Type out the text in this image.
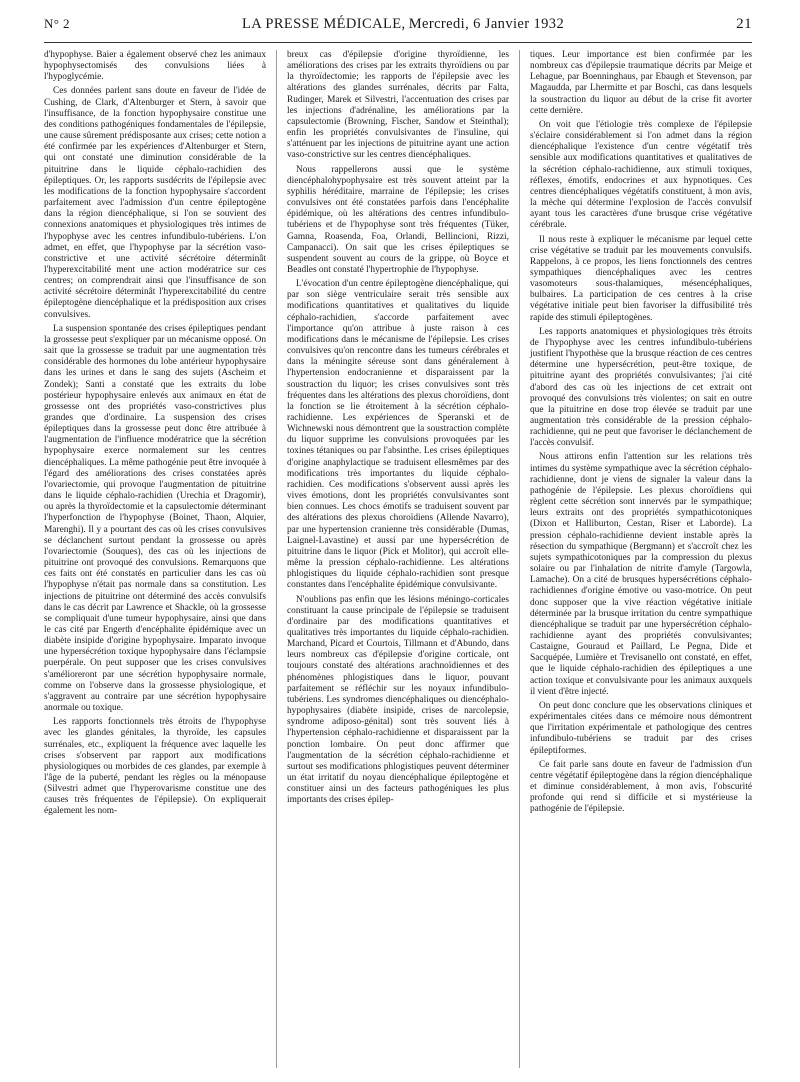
N° 2	LA PRESSE MÉDICALE, Mercredi, 6 Janvier 1932	21

d'hypophyse. Baier a également observé chez les animaux hypophysectomisés des convulsions liées à l'hypoglycémie.

Ces données parlent sans doute en faveur de l'idée de Cushing, de Clark, d'Altenburger et Stern, à savoir que l'insuffisance, de la fonction hypophysaire constitue une des conditions pathogéniques fondamentales de l'épilepsie, une cause sûrement prédisposante aux crises; cette notion a été confirmée par les expériences d'Altenburger et Stern, qui ont constaté une diminution considérable de la pituitrine dans le liquide céphalo-rachidien des épileptiques. Or, les rapports susdécrits de l'épilepsie avec les modifications de la fonction hypophysaire s'accordent parfaitement avec l'admission d'un centre épileptogène dans la région diencéphalique, si l'on se souvient des connexions anatomiques et physiologiques très intimes de l'hypophyse avec les centres infundibulo-tubériens. L'on admet, en effet, que l'hypophyse par la sécrétion vaso-constrictive et une activité sécrétoire déterminât l'hyperexcitabilité ment une action modératrice sur ces centres; on comprendrait ainsi que l'insuffisance de son activité sécrétoire déterminât l'hyperexcitabilité du centre épileptogène diencéphalique et la prédisposition aux crises convulsives.

La suspension spontanée des crises épileptiques pendant la grossesse peut s'expliquer par un mécanisme opposé. On sait que la grossesse se traduit par une augmentation très considérable des hormones du lobe antérieur hypophysaire dans les urines et dans le sang des sujets (Ascheim et Zondek); Santi a constaté que les extraits du lobe postérieur hypophysaire enlevés aux animaux en état de grossesse ont des propriétés vaso-constrictives plus grandes que d'ordinaire. La suspension des crises épileptiques dans la grossesse peut donc être attribuée à l'augmentation de l'influence modératrice que la sécrétion hypophysaire exerce normalement sur les centres diencéphaliques. La même pathogénie peut être invoquée à l'égard des améliorations des crises constatées après l'ovariectomie, qui provoque l'augmentation de pituitrine dans le liquide céphalo-rachidien (Urechia et Dragomir), ou après la thyroïdectomie et la capsulectomie déterminant l'hyperfonction de l'hypophyse (Boinet, Thaon, Alquier, Marenghi). Il y a pourtant des cas où les crises convulsives se déclanchent surtout pendant la grossesse ou après l'ovariectomie (Souques), des cas où les injections de pituitrine ont provoqué des convulsions. Remarquons que ces faits ont été constatés en particulier dans les cas où l'hypophyse n'était pas normale dans sa constitution. Les injections de pituitrine ont déterminé des accès convulsifs dans le cas décrit par Lawrence et Shackle, où la grossesse se compliquait d'une tumeur hypophysaire, ainsi que dans le cas cité par Engerth d'encéphalite épidémique avec un diabète insipide d'origine hypophysaire. Imparato invoque une hypersécrétion toxique hypophysaire dans l'éclampsie puerpérale. On peut supposer que les crises convulsives s'amélioreront par une sécrétion hypophysaire normale, comme on l'observe dans la grossesse physiologique, et s'aggravent au contraire par une sécrétion hypophysaire anormale ou toxique.

Les rapports fonctionnels très étroits de l'hypophyse avec les glandes génitales, la thyroïde, les capsules surrénales, etc., expliquent la fréquence avec laquelle les crises s'observent par rapport aux modifications physiologiques ou morbides de ces glandes, par exemple à l'âge de la puberté, pendant les règles ou la ménopause (Silvestri admet que l'hyperovarisme constitue une des causes très fréquentes de l'épilepsie). On expliquerait également les nom-

breux cas d'épilepsie d'origine thyroïdienne, les améliorations des crises par les extraits thyroïdiens ou par la thyroïdectomie; les rapports de l'épilepsie avec les altérations des glandes surrénales, décrits par Falta, Rudinger, Marek et Silvestri, l'accentuation des crises par les injections d'adrénaline, les améliorations par la capsulectomie (Browning, Fischer, Sandow et Steinthal); enfin les propriétés convulsivantes de l'insuline, qui s'atténuent par les injections de pituitrine ayant une action vaso-constrictive sur les centres diencéphaliques.

Nous rappellerons aussi que le système diencéphalohypophysaire est très souvent atteint par la syphilis héréditaire, marraine de l'épilepsie; les crises convulsives ont été constatées parfois dans l'encéphalite épidémique, où les altérations des centres infundibulo-tubériens et de l'hypophyse sont très fréquentes (Tüker, Gamna, Roasenda, Foa, Orlandi, Bellincioni, Rizzi, Campanacci). On sait que les crises épileptiques se suspendent souvent au cours de la grippe, où Boyce et Beadles ont constaté l'hypertrophie de l'hypophyse.

L'évocation d'un centre épileptogène diencéphalique, qui par son siège ventriculaire serait très sensible aux modifications quantitatives et qualitatives du liquide céphalo-rachidien, s'accorde parfaitement avec l'importance qu'on attribue à juste raison à ces modifications dans le mécanisme de l'épilepsie. Les crises convulsives qu'on rencontre dans les tumeurs cérébrales et dans la méningite séreuse sont dans généralement à l'hypertension endocranienne et disparaissent par la soustraction du liquor; les crises convulsives sont très fréquentes dans les altérations des plexus choroïdiens, dont la fonction se lie étroitement à la sécrétion céphalo-rachidienne. Les expériences de Speranski et de Wichnewski nous démontrent que la soustraction complète du liquor supprime les convulsions provoquées par les toxines tétaniques ou par l'absinthe. Les crises épileptiques d'origine anaphylactique se traduisent ellesmêmes par des modifications très importantes du liquide céphalo-rachidien. Ces modifications s'observent aussi après les vives émotions, dont les propriétés convulsivantes sont bien connues. Les chocs émotifs se traduisent souvent par des altérations des plexus choroïdiens (Allende Navarro), par une hypertension cranienne très considérable (Dumas, Laignel-Lavastine) et aussi par une hypersécrétion de pituitrine dans le liquor (Pick et Molitor), qui accroît elle-même la pression céphalo-rachidienne. Les altérations phlogistiques du liquide céphalo-rachidien sont presque constantes dans l'encéphalite épidémique convulsivante.

N'oublions pas enfin que les lésions méningo-corticales constituant la cause principale de l'épilepsie se traduisent d'ordinaire par des modifications quantitatives et qualitatives très importantes du liquide céphalo-rachidien. Marchand, Picard et Courtois, Tillmann et d'Abundo, dans leurs nombreux cas d'épilepsie d'origine corticale, ont toujours constaté des altérations arachnoïdiennes et des phénomènes phlogistiques dans le liquor, pouvant parfaitement se réfléchir sur les noyaux infundibulo-tubériens. Les syndromes diencéphaliques ou diencéphalo-hypophysaires (diabète insipide, crises de narcolepsie, syndrome adiposo-génital) sont très souvent liés à l'hypertension céphalo-rachidienne et disparaissent par la ponction lombaire. On peut donc affirmer que l'augmentation de la sécrétion céphalo-rachidienne et surtout ses modifications phlogistiques peuvent déterminer un état irritatif du noyau diencéphalique épileptogène et constituer ainsi un des facteurs pathogéniques les plus importants des crises épilep-

tiques. Leur importance est bien confirmée par les nombreux cas d'épilepsie traumatique décrits par Meige et Lehague, par Boenninghaus, par Ebaugh et Stevenson, par Magaudda, par Lhermitte et par Boschi, cas dans lesquels la soustraction du liquor au début de la crise fit avorter cette dernière.

On voit que l'étiologie très complexe de l'épilepsie s'éclaire considérablement si l'on admet dans la région diencéphalique l'existence d'un centre végétatif très sensible aux modifications quantitatives et qualitatives de la sécrétion céphalo-rachidienne, aux stimuli toxiques, réflexes, émotifs, endocrines et aux hypnotiques. Ces centres diencéphaliques végétatifs constituent, à mon avis, la mèche qui détermine l'explosion de l'accès convulsif ayant tous les caractères d'une brusque crise végétative cérébrale.

Il nous reste à expliquer le mécanisme par lequel cette crise végétative se traduit par les mouvements convulsifs. Rappelons, à ce propos, les liens fonctionnels des centres sympathiques diencéphaliques avec les centres vasomoteurs sous-thalamiques, mésencéphaliques, bulbaires. La participation de ces centres à la crise végétative initiale peut bien favoriser la diffusibilité très rapide des stimuli épileptogènes.

Les rapports anatomiques et physiologiques très étroits de l'hypophyse avec les centres infundibulo-tubériens justifient l'hypothèse que la brusque réaction de ces centres détermine une hypersécrétion, peut-être toxique, de pituitrine ayant des propriétés convulsivantes; j'ai cité d'abord des cas où les injections de cet extrait ont provoqué des convulsions très violentes; on sait en outre que la pituitrine en dose trop élevée se traduit par une augmentation très considérable de la pression céphalo-rachidienne, qui ne peut que favoriser le déclanchement de l'accès convulsif.

Nous attirons enfin l'attention sur les relations très intimes du système sympathique avec la sécrétion céphalo-rachidienne, dont je viens de signaler la valeur dans la pathogénie de l'épilepsie. Les plexus choroïdiens qui règlent cette sécrétion sont innervés par le sympathique; leurs extraits ont des propriétés sympathicotoniques (Dixon et Halliburton, Cestan, Riser et Laborde). La pression céphalo-rachidienne devient instable après la résection du sympathique (Bergmann) et s'accroît chez les sujets sympathicotoniques par la compression du plexus solaire ou par l'inhalation de nitrite d'amyle (Targowla, Lamache). On a cité de brusques hypersécrétions céphalo-rachidiennes d'origine émotive ou vaso-motrice. On peut donc supposer que la vive réaction végétative initiale déterminée par la brusque irritation du centre sympathique diencéphalique se traduit par une hypersécrétion céphalo-rachidienne ayant des propriétés convulsivantes; Castaigne, Gouraud et Paillard, Le Pegna, Dide et Sacquépée, Lumière et Trevisanello ont constaté, en effet, que le liquide céphalo-rachidien des épileptiques a une action toxique et convulsivante pour les animaux auxquels il vient d'être injecté.

On peut donc conclure que les observations cliniques et expérimentales citées dans ce mémoire nous démontrent que l'irritation expérimentale et pathologique des centres infundibulo-tubériens se traduit par des crises épileptiformes.

Ce fait parle sans doute en faveur de l'admission d'un centre végétatif épileptogène dans la région diencéphalique et diminue considérablement, à mon avis, l'obscurité profonde qui rend si difficile et si mystérieuse la pathogénie de l'épilepsie.
